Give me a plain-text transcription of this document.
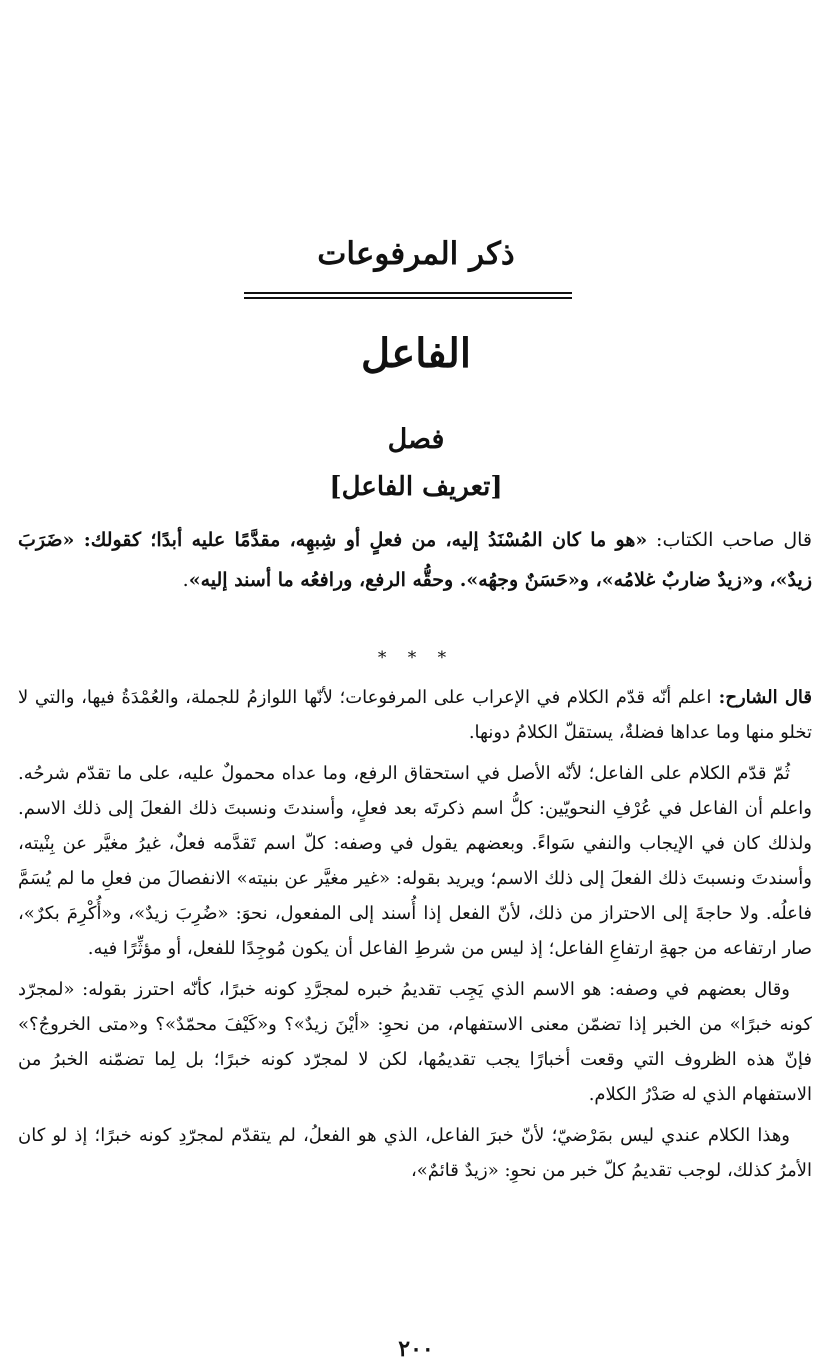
ذكر المرفوعات
الفاعل
فصل
[تعريف الفاعل]

قال صاحب الكتاب: «هو ما كان المُسْنَدُ إليه، من فعلٍ أو شِبهِه، مقدَّمًا عليه أبدًا؛ كقولك: «ضَرَبَ زيدٌ»، و«زيدٌ ضاربٌ غلامُه»، و«حَسَنٌ وجهُه». وحقُّه الرفع، ورافعُه ما أسند إليه».

* * *

قال الشارح: اعلم أنّه قدّم الكلام في الإعراب على المرفوعات؛ لأنّها اللوازمُ للجملة، والعُمْدَةُ فيها، والتي لا تخلو منها وما عداها فضلةٌ، يستقلّ الكلامُ دونها.

ثُمّ قدّم الكلام على الفاعل؛ لأنّه الأصل في استحقاق الرفع، وما عداه محمولٌ عليه، على ما تقدّم شرحُه. واعلم أن الفاعل في عُرْفِ النحويّين: كلُّ اسم ذكرتَه بعد فعلٍ، وأسندتَ ونسبتَ ذلك الفعلَ إلى ذلك الاسم. ولذلك كان في الإيجاب والنفي سَواءً. وبعضهم يقول في وصفه: كلّ اسم تَقدَّمه فعلٌ، غيرُ مغيَّر عن بِنْيته، وأسندتَ ونسبتَ ذلك الفعلَ إلى ذلك الاسم؛ ويريد بقوله: «غير مغيَّر عن بنيته» الانفصالَ من فعلِ ما لم يُسَمَّ فاعلُه. ولا حاجةَ إلى الاحتراز من ذلك، لأنّ الفعل إذا أُسند إلى المفعول، نحوَ: «ضُرِبَ زيدٌ»، و«أُكْرِمَ بكرٌ»، صار ارتفاعه من جهةِ ارتفاعِ الفاعل؛ إذ ليس من شرطِ الفاعل أن يكون مُوجِدًا للفعل، أو مؤثِّرًا فيه.

وقال بعضهم في وصفه: هو الاسم الذي يَجِب تقديمُ خبره لمجرَّدِ كونه خبرًا، كأنّه احترز بقوله: «لمجرّد كونه خبرًا» من الخبر إذا تضمّن معنى الاستفهام، من نحوِ: «أيْنَ زيدٌ»؟ و«كَيْفَ محمّدٌ»؟ و«متى الخروجُ؟» فإنّ هذه الظروف التي وقعت أخبارًا يجب تقديمُها، لكن لا لمجرّد كونه خبرًا؛ بل لِما تضمّنه الخبرُ من الاستفهام الذي له صَدْرُ الكلام.

وهذا الكلام عندي ليس بمَرْضيّ؛ لأنّ خبرَ الفاعل، الذي هو الفعلُ، لم يتقدّم لمجرّدِ كونه خبرًا؛ إذ لو كان الأمرُ كذلك، لوجب تقديمُ كلّ خبر من نحوِ: «زيدٌ قائمٌ»،

٢٠٠
